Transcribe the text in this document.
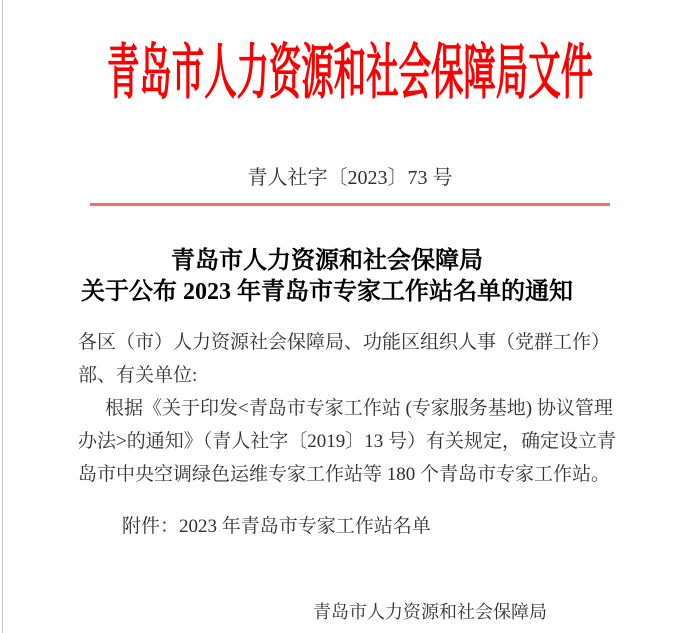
青岛市人力资源和社会保障局文件
青人社字〔2023〕73 号
青岛市人力资源和社会保障局
关于公布 2023 年青岛市专家工作站名单的通知
各区（市）人力资源社会保障局、功能区组织人事（党群工作）
部、有关单位:
根据《关于印发<青岛市专家工作站 (专家服务基地) 协议管理
办法>的通知》（青人社字〔2019〕13 号）有关规定，确定设立青
岛市中央空调绿色运维专家工作站等 180 个青岛市专家工作站。
附件：2023 年青岛市专家工作站名单
青岛市人力资源和社会保障局
